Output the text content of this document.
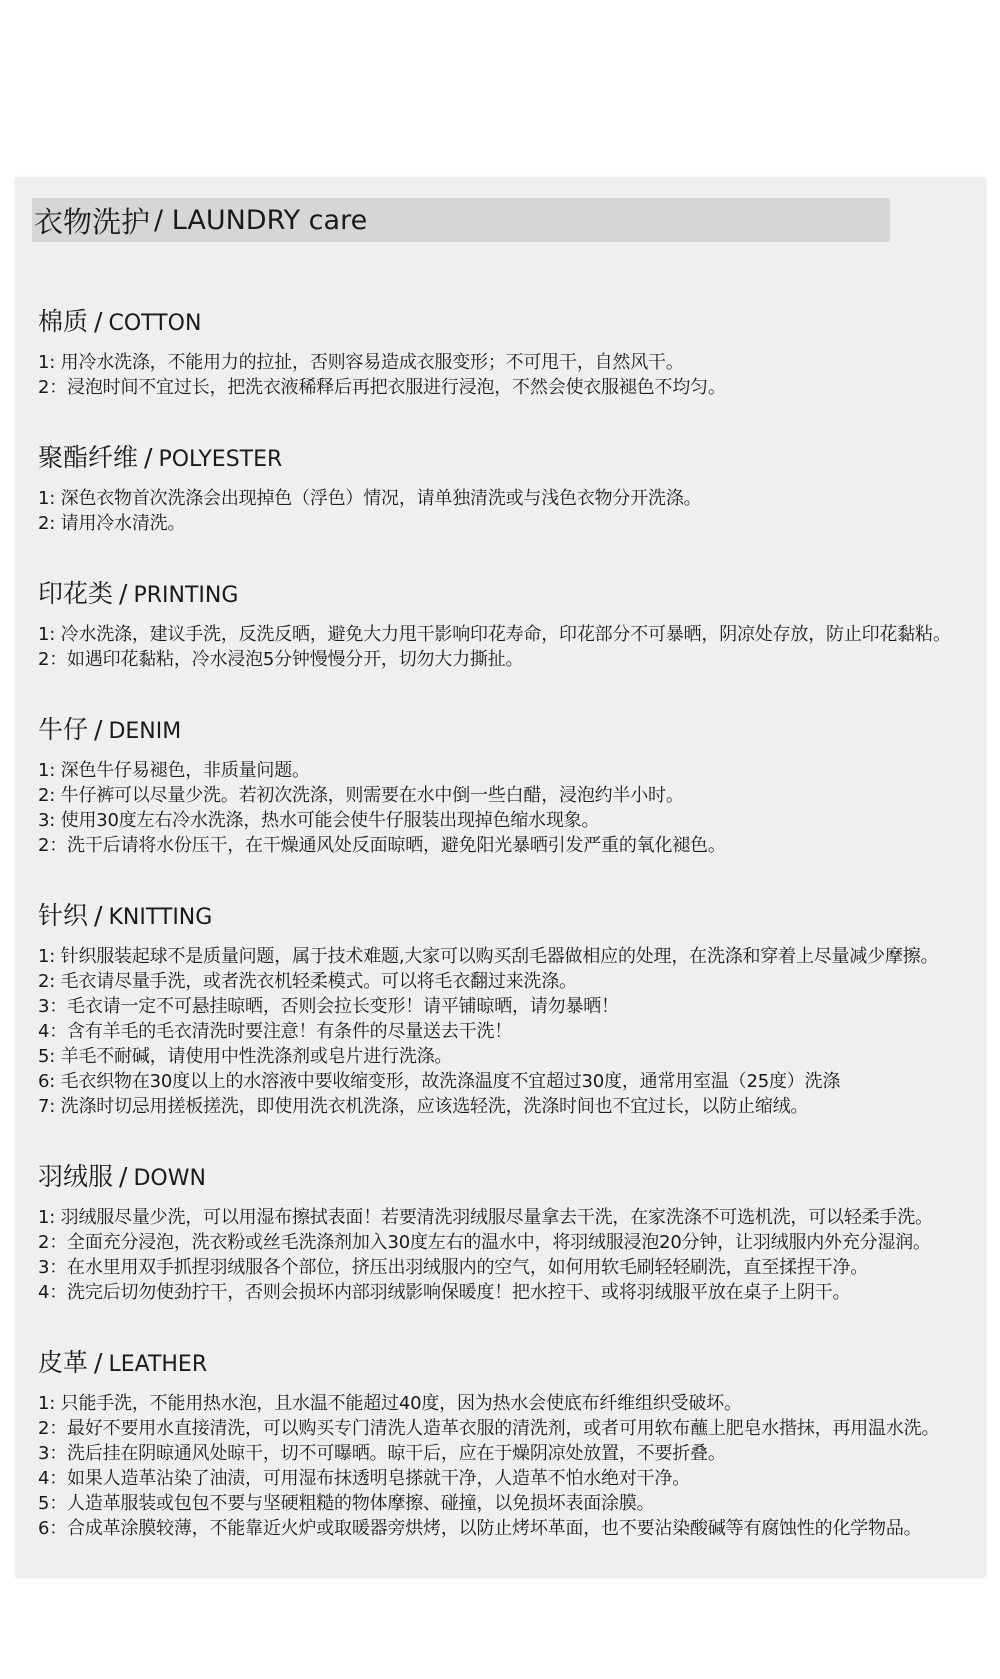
衣物洗护 / LAUNDRY care
棉质 / COTTON
1: 用冷水洗涤，不能用力的拉扯，否则容易造成衣服变形；不可甩干，自然风干。
2：浸泡时间不宜过长，把洗衣液稀释后再把衣服进行浸泡，不然会使衣服褪色不均匀。
聚酯纤维 / POLYESTER
1: 深色衣物首次洗涤会出现掉色（浮色）情况，请单独清洗或与浅色衣物分开洗涤。
2: 请用冷水清洗。
印花类 / PRINTING
1: 冷水洗涤，建议手洗，反洗反晒，避免大力甩干影响印花寿命，印花部分不可暴晒，阴凉处存放，防止印花黏粘。
2：如遇印花黏粘，冷水浸泡5分钟慢慢分开，切勿大力撕扯。
牛仔 / DENIM
1: 深色牛仔易褪色，非质量问题。
2: 牛仔裤可以尽量少洗。若初次洗涤，则需要在水中倒一些白醋，浸泡约半小时。
3: 使用30度左右冷水洗涤，热水可能会使牛仔服装出现掉色缩水现象。
2：洗干后请将水份压干，在干燥通风处反面晾晒，避免阳光暴晒引发严重的氧化褪色。
针织 / KNITTING
1: 针织服装起球不是质量问题，属于技术难题,大家可以购买刮毛器做相应的处理，在洗涤和穿着上尽量减少摩擦。
2: 毛衣请尽量手洗，或者洗衣机轻柔模式。可以将毛衣翻过来洗涤。
3：毛衣请一定不可悬挂晾晒，否则会拉长变形！请平铺晾晒，请勿暴晒！
4：含有羊毛的毛衣清洗时要注意！有条件的尽量送去干洗！
5: 羊毛不耐碱，请使用中性洗涤剂或皂片进行洗涤。
6: 毛衣织物在30度以上的水溶液中要收缩变形，故洗涤温度不宜超过30度，通常用室温（25度）洗涤
7: 洗涤时切忌用搓板搓洗，即使用洗衣机洗涤，应该选轻洗，洗涤时间也不宜过长，以防止缩绒。
羽绒服 / DOWN
1: 羽绒服尽量少洗，可以用湿布擦拭表面！若要清洗羽绒服尽量拿去干洗，在家洗涤不可选机洗，可以轻柔手洗。
2：全面充分浸泡，洗衣粉或丝毛洗涤剂加入30度左右的温水中，将羽绒服浸泡20分钟，让羽绒服内外充分湿润。
3：在水里用双手抓捏羽绒服各个部位，挤压出羽绒服内的空气，如何用软毛刷轻轻刷洗，直至揉捏干净。
4：洗完后切勿使劲拧干，否则会损坏内部羽绒影响保暖度！把水控干、或将羽绒服平放在桌子上阴干。
皮革 / LEATHER
1: 只能手洗，不能用热水泡，且水温不能超过40度，因为热水会使底布纤维组织受破坏。
2：最好不要用水直接清洗，可以购买专门清洗人造革衣服的清洗剂，或者可用软布蘸上肥皂水揩抹，再用温水洗。
3：洗后挂在阴晾通风处晾干，切不可曝晒。晾干后，应在于燥阴凉处放置，不要折叠。
4：如果人造革沾染了油渍，可用湿布抹透明皂搽就干净，人造革不怕水绝对干净。
5：人造革服装或包包不要与坚硬粗糙的物体摩擦、碰撞，以免损坏表面涂膜。
6：合成革涂膜较薄，不能靠近火炉或取暖器旁烘烤，以防止烤坏革面，也不要沾染酸碱等有腐蚀性的化学物品。
